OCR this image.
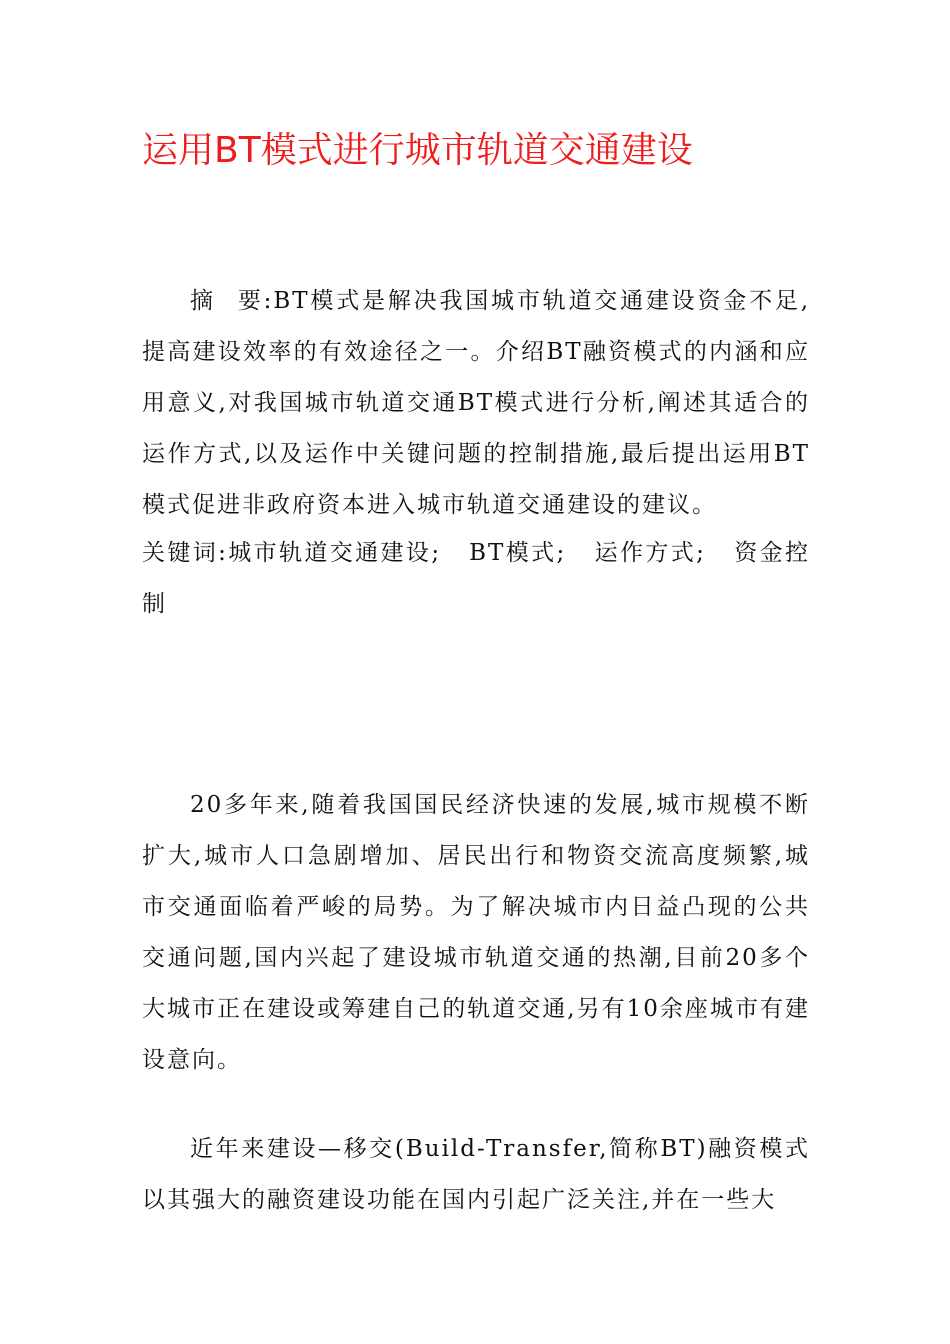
运用BT模式进行城市轨道交通建设

摘要:BT模式是解决我国城市轨道交通建设资金不足,提高建设效率的有效途径之一。介绍BT融资模式的内涵和应用意义,对我国城市轨道交通BT模式进行分析,阐述其适合的运作方式,以及运作中关键问题的控制措施,最后提出运用BT模式促进非政府资本进入城市轨道交通建设的建议。

关键词:城市轨道交通建设; BT模式; 运作方式; 资金控制

20多年来,随着我国国民经济快速的发展,城市规模不断扩大,城市人口急剧增加、居民出行和物资交流高度频繁,城市交通面临着严峻的局势。为了解决城市内日益凸现的公共交通问题,国内兴起了建设城市轨道交通的热潮,目前20多个大城市正在建设或筹建自己的轨道交通,另有10余座城市有建设意向。

近年来建设—移交(Build-Transfer,简称BT)融资模式以其强大的融资建设功能在国内引起广泛关注,并在一些大
